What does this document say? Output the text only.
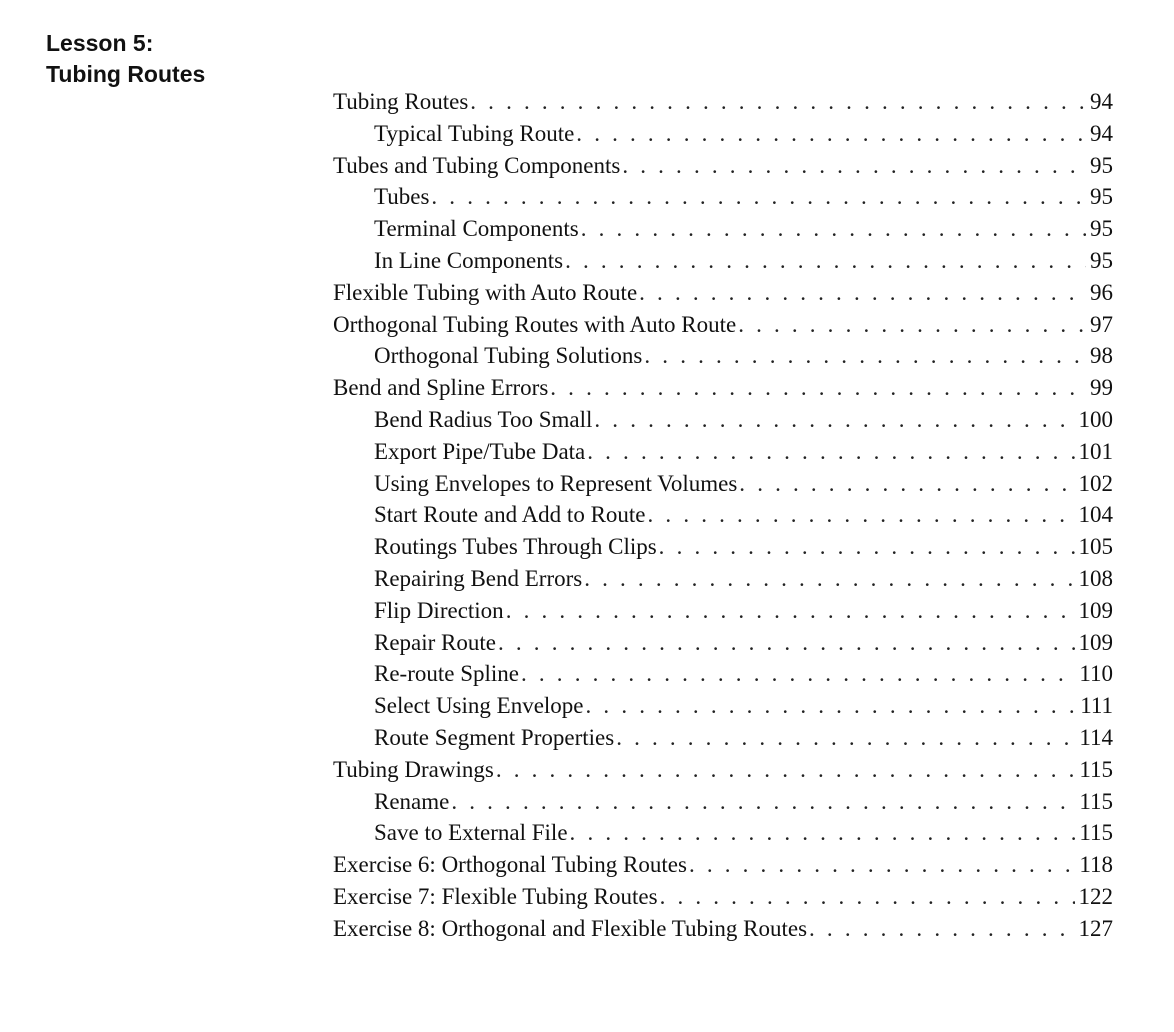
Lesson 5:
Tubing Routes
Tubing Routes . . .	94
Typical Tubing Route . . .	94
Tubes and Tubing Components . . .	95
Tubes . . .	95
Terminal Components . . .	95
In Line Components . . .	95
Flexible Tubing with Auto Route . . .	96
Orthogonal Tubing Routes with Auto Route . . .	97
Orthogonal Tubing Solutions . . .	98
Bend and Spline Errors . . .	99
Bend Radius Too Small . . .	100
Export Pipe/Tube Data . . .	101
Using Envelopes to Represent Volumes . . .	102
Start Route and Add to Route . . .	104
Routings Tubes Through Clips . . .	105
Repairing Bend Errors . . .	108
Flip Direction . . .	109
Repair Route . . .	109
Re-route Spline . . .	110
Select Using Envelope . . .	111
Route Segment Properties . . .	114
Tubing Drawings . . .	115
Rename . . .	115
Save to External File . . .	115
Exercise 6: Orthogonal Tubing Routes . . .	118
Exercise 7: Flexible Tubing Routes . . .	122
Exercise 8: Orthogonal and Flexible Tubing Routes . . .	127
